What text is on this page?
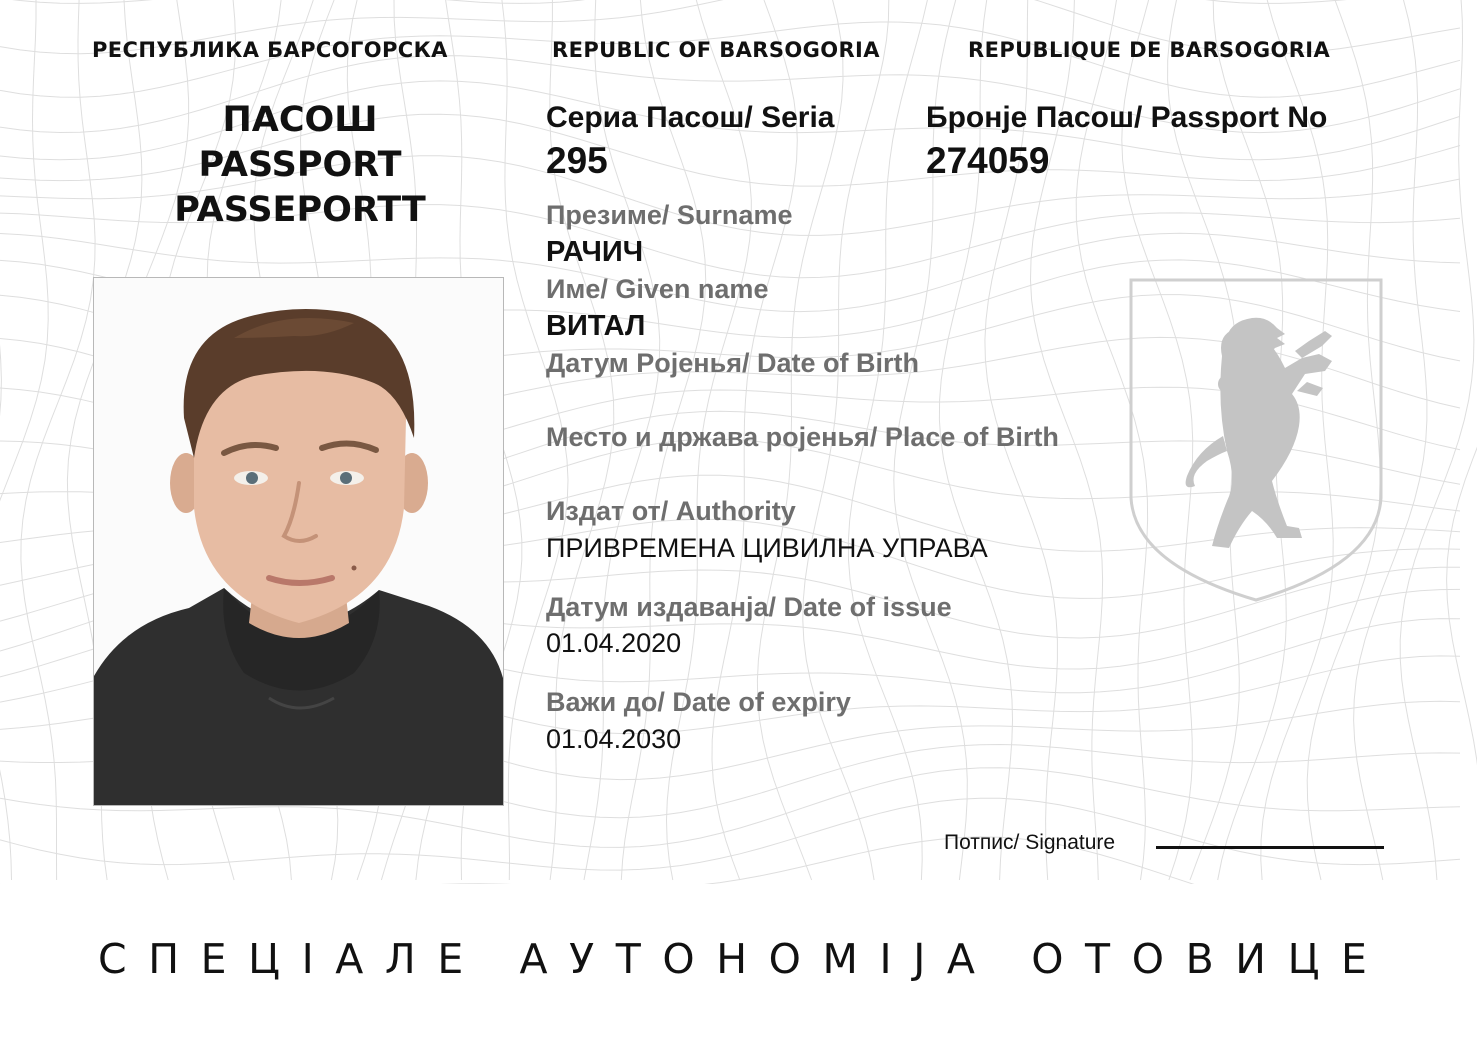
РЕСПУБЛИКА БАРСОГОРСКА	REPUBLIC OF BARSOGORIA	REPUBLIQUE DE BARSOGORIA
ПАСОШ
PASSPORT
PASSEPORTT
Сериа Пасош/ Seria
295
Бронје Пасош/ Passport No
274059
Презиме/ Surname
РАЧИЧ
Име/ Given name
ВИТАЛ
Датум Pojeнья/ Date of Birth
Место и држава pojeнья/ Place of Birth
Издат от/ Authority
ПРИВРЕМЕНА ЦИВИЛНА УПРАВА
Датум издаванја/ Date of issue
01.04.2020
Важи до/ Date of expiry
01.04.2030
Потпис/ Signature
СПЕЦІАЛЕ АУТОНОМІЈА ОТОВИЦЕ
